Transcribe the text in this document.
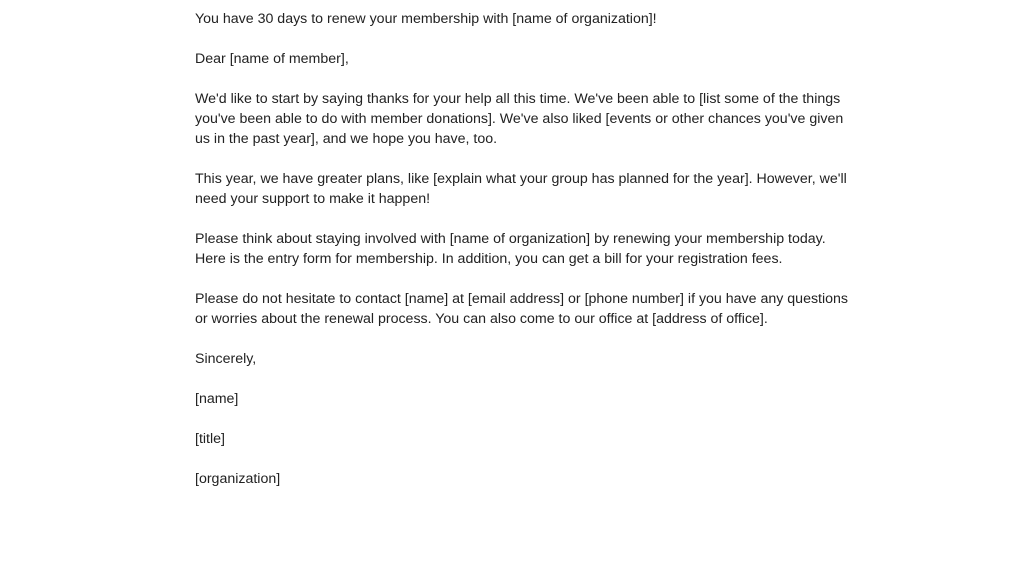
You have 30 days to renew your membership with [name of organization]!

Dear [name of member],

We'd like to start by saying thanks for your help all this time. We've been able to [list some of the things you've been able to do with member donations]. We've also liked [events or other chances you've given us in the past year], and we hope you have, too.

This year, we have greater plans, like [explain what your group has planned for the year]. However, we'll need your support to make it happen!

Please think about staying involved with [name of organization] by renewing your membership today. Here is the entry form for membership. In addition, you can get a bill for your registration fees.

Please do not hesitate to contact [name] at [email address] or [phone number] if you have any questions or worries about the renewal process. You can also come to our office at [address of office].

Sincerely,

[name]

[title]

[organization]
